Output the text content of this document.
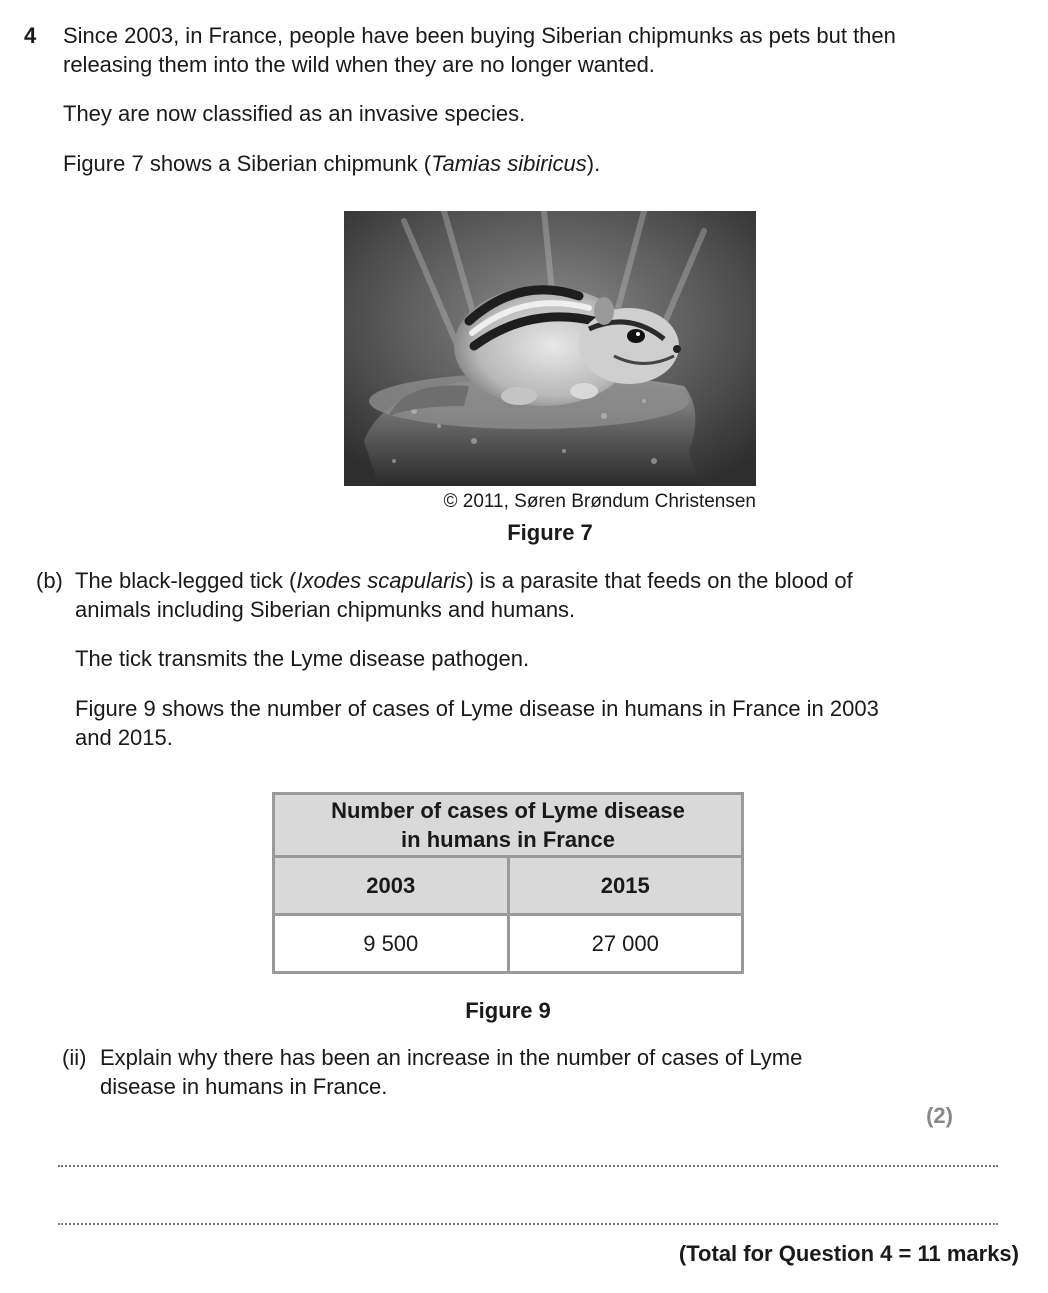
4 Since 2003, in France, people have been buying Siberian chipmunks as pets but then
releasing them into the wild when they are no longer wanted.
They are now classified as an invasive species.
Figure 7 shows a Siberian chipmunk (Tamias sibiricus).
© 2011, Søren Brøndum Christensen
Figure 7
(b) The black-legged tick (Ixodes scapularis) is a parasite that feeds on the blood of
animals including Siberian chipmunks and humans.
The tick transmits the Lyme disease pathogen.
Figure 9 shows the number of cases of Lyme disease in humans in France in 2003
and 2015.
Number of cases of Lyme disease
in humans in France	

2003	2015
9 500	27 000
Figure 9
(ii) Explain why there has been an increase in the number of cases of Lyme
disease in humans in France.
(2)
(Total for Question 4 = 11 marks)
